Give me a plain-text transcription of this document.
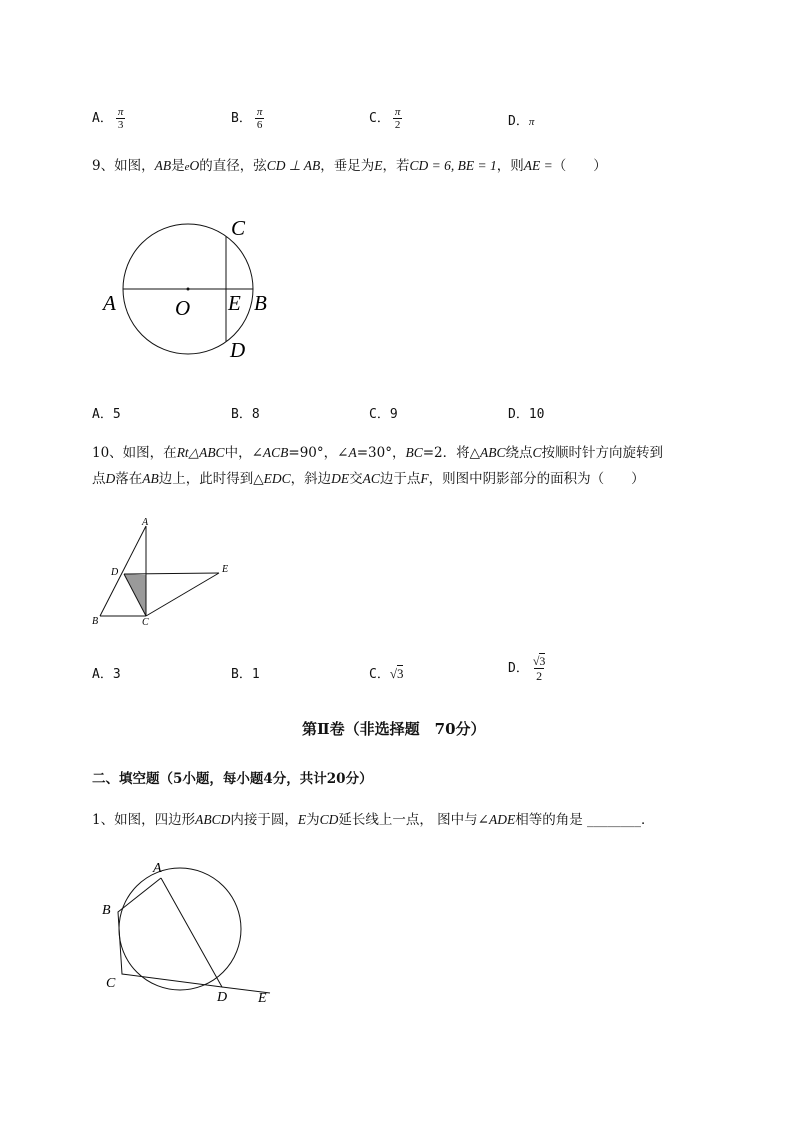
A． $\frac{\pi}{3}$	B． $\frac{\pi}{6}$	C． $\frac{\pi}{2}$	D．π
9、如图，AB是eO的直径，弦CD ⊥ AB，垂足为E，若CD = 6, BE = 1，则AE =（　　）
A	O E B
C
D
A．5	B．8	C．9	D．10
10、如图，在Rt△ABC中，∠ACB=90°，∠A=30°，BC=2．将△ABC绕点C按顺时针方向旋转到
点D落在AB边上，此时得到△EDC，斜边DE交AC边于点F，则图中阴影部分的面积为（　　）
A
D	E
B	C
A．3	B．1	C．√3	D． $\frac{√3}{2}$
第Ⅱ卷（非选择题　70分）
二、填空题（5小题，每小题4分，共计20分）
1、如图，四边形ABCD内接于圆，E为CD延长线上一点， 图中与∠ADE相等的角是 ________．
A
B
C
D E
